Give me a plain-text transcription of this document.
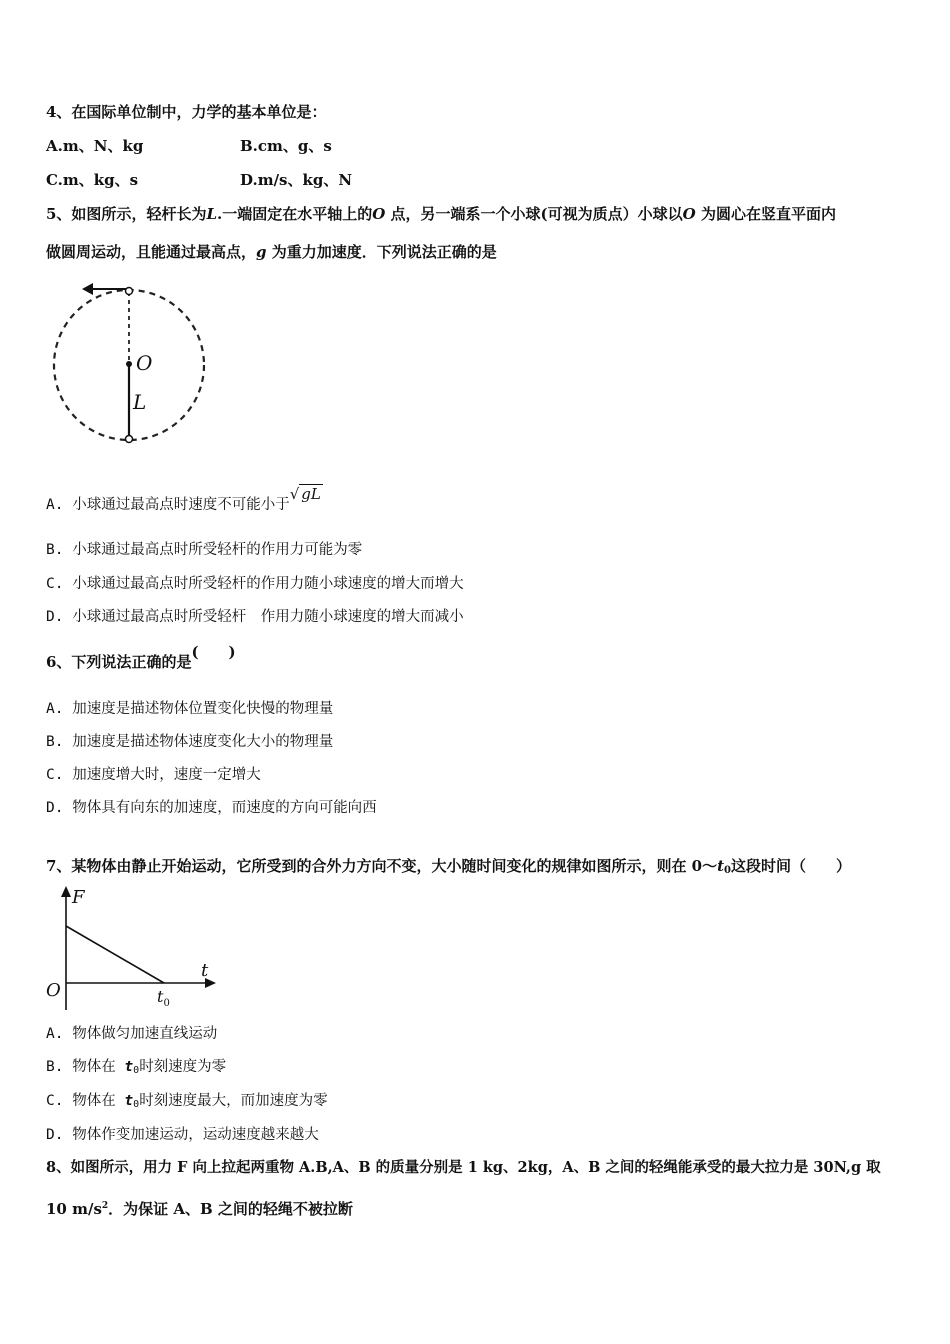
4、在国际单位制中，力学的基本单位是：
A.m、N、kg	B.cm、g、s
C.m、kg、s	D.m/s、kg、N
5、如图所示，轻杆长为L.一端固定在水平轴上的O 点，另一端系一个小球(可视为质点）小球以O 为圆心在竖直平面内
做圆周运动，且能通过最高点，g 为重力加速度．下列说法正确的是
O
L
A. 小球通过最高点时速度不可能小于√ gL
B. 小球通过最高点时所受轻杆的作用力可能为零
C. 小球通过最高点时所受轻杆的作用力随小球速度的增大而增大
D. 小球通过最高点时所受轻杆　作用力随小球速度的增大而减小
6、下列说法正确的是(　　)
A. 加速度是描述物体位置变化快慢的物理量
B. 加速度是描述物体速度变化大小的物理量
C. 加速度增大时，速度一定增大
D. 物体具有向东的加速度，而速度的方向可能向西
7、某物体由静止开始运动，它所受到的合外力方向不变，大小随时间变化的规律如图所示，则在 $0\sim t_0$这段时间（　　）
F
t
O	$t_0$
A. 物体做匀加速直线运动
B. 物体在 $t_0$时刻速度为零
C. 物体在 $t_0$时刻速度最大，而加速度为零
D. 物体作变加速运动，运动速度越来越大
8、如图所示，用力 F 向上拉起两重物 A.B,A、B 的质量分别是 1 kg、2kg，A、B 之间的轻绳能承受的最大拉力是 30N,g 取
10 $m/s^2$．为保证 A、B 之间的轻绳不被拉断
